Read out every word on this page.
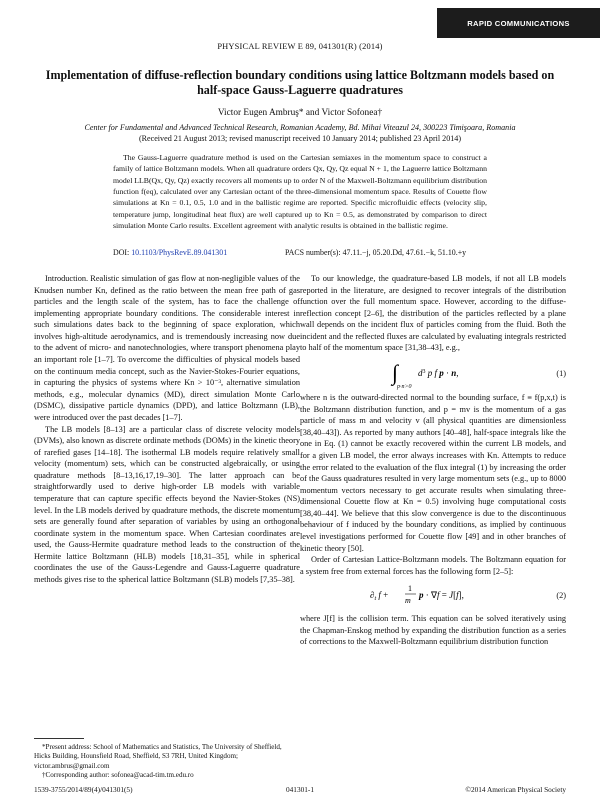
RAPID COMMUNICATIONS
PHYSICAL REVIEW E 89, 041301(R) (2014)
Implementation of diffuse-reflection boundary conditions using lattice Boltzmann models based on half-space Gauss-Laguerre quadratures
Victor Eugen Ambruş* and Victor Sofonea†
Center for Fundamental and Advanced Technical Research, Romanian Academy, Bd. Mihai Viteazul 24, 300223 Timişoara, Romania
(Received 21 August 2013; revised manuscript received 10 January 2014; published 23 April 2014)
The Gauss-Laguerre quadrature method is used on the Cartesian semiaxes in the momentum space to construct a family of lattice Boltzmann models. When all quadrature orders Qx, Qy, Qz equal N + 1, the Laguerre lattice Boltzmann model LLB(Qx, Qy, Qz) exactly recovers all moments up to order N of the Maxwell-Boltzmann equilibrium distribution function f(eq), calculated over any Cartesian octant of the three-dimensional momentum space. Results of Couette flow simulations at Kn = 0.1, 0.5, 1.0 and in the ballistic regime are reported. Specific microfluidic effects (velocity slip, temperature jump, longitudinal heat flux) are well captured up to Kn = 0.5, as demonstrated by comparison to direct simulation Monte Carlo results. Excellent agreement with analytic results is obtained in the ballistic regime.
DOI: 10.1103/PhysRevE.89.041301	PACS number(s): 47.11.−j, 05.20.Dd, 47.61.−k, 51.10.+y

Introduction. Realistic simulation of gas flow at non-negligible values of the Knudsen number Kn, defined as the ratio between the mean free path of gas particles and the length scale of the system, has to face the challenge of implementing appropriate boundary conditions. The considerable interest in such simulations dates back to the beginning of space exploration, which involves high-altitude aerodynamics, and is tremendously increasing now due to the advent of micro- and nanotechnologies, where transport phenomena play an important role [1–7]. To overcome the difficulties of physical models based on the continuum media concept, such as the Navier-Stokes-Fourier equations, in capturing the physics of systems where Kn > 10⁻³, alternative simulation methods, e.g., molecular dynamics (MD), direct simulation Monte Carlo (DSMC), dissipative particle dynamics (DPD), and lattice Boltzmann (LB), were introduced over the past decades [1–7].

The LB models [8–13] are a particular class of discrete velocity models (DVMs), also known as discrete ordinate methods (DOMs) in the kinetic theory of rarefied gases [14–18]. The isothermal LB models require relatively small velocity (momentum) sets, which can be constructed algebraically, or using quadrature methods [8–13,16,17,19–30]. The latter approach can be straightforwardly used to derive high-order LB models with variable temperature that can capture specific effects beyond the Navier-Stokes (NS) level. In the LB models derived by quadrature methods, the discrete momentum sets are generally found after separation of variables by using an orthogonal coordinate system in the momentum space. When Cartesian coordinates are used, the Gauss-Hermite quadrature method leads to the construction of the Hermite lattice Boltzmann (HLB) models [18,31–35], while in spherical coordinates the use of the Gauss-Legendre and Gauss-Laguerre quadrature methods gives rise to the spherical lattice Boltzmann (SLB) models [7,35–38].

To our knowledge, the quadrature-based LB models, if not all LB models reported in the literature, are designed to recover integrals of the distribution function over the full momentum space. However, according to the diffuse-reflection concept [2–6], the distribution of the particles reflected by a plane wall depends on the incident flux of particles coming from the fluid. Both the incident and the reflected fluxes are calculated by evaluating integrals restricted to half of the momentum space [31,38–43], e.g.,

∫
p·n>0
$d^3$ p f p · n,	(1)

where n is the outward-directed normal to the bounding surface, f ≡ f(p,x,t) is the Boltzmann distribution function, and p = mv is the momentum of a gas particle of mass m and velocity v (all physical quantities are dimensionless [38,40–43]). As reported by many authors [40–48], half-space integrals like the one in Eq. (1) cannot be exactly recovered within the current LB models, and for a given LB model, the error always increases with Kn. Attempts to reduce the error related to the evaluation of the flux integral (1) by increasing the order of the Gauss quadratures resulted in very large momentum sets (e.g., up to 8000 momentum vectors necessary to get accurate results when simulating three-dimensional Couette flow at Kn = 0.5) involving huge computational costs [38,40–44]. We believe that this slow convergence is due to the discontinuous behaviour of f induced by the boundary conditions, as implied by continuous level investigations performed for Couette flow [49] and in other branches of kinetic theory [50].

Order of Cartesian Lattice-Boltzmann models. The Boltzmann equation for a system free from external forces has the following form [2–5]:

$\partial_t$ f +
1
m
p · ∇f = J[f],	(2)

where J[f] is the collision term. This equation can be solved iteratively using the Chapman-Enskog method by expanding the distribution function as a series of corrections to the Maxwell-Boltzmann equilibrium distribution function

*Present address: School of Mathematics and Statistics, The University of Sheffield, Hicks Building, Hounsfield Road, Sheffield, S3 7RH, United Kingdom; victor.ambrus@gmail.com

†Corresponding author: sofonea@acad-tim.tm.edu.ro

1539-3755/2014/89(4)/041301(5)	041301-1	©2014 American Physical Society
